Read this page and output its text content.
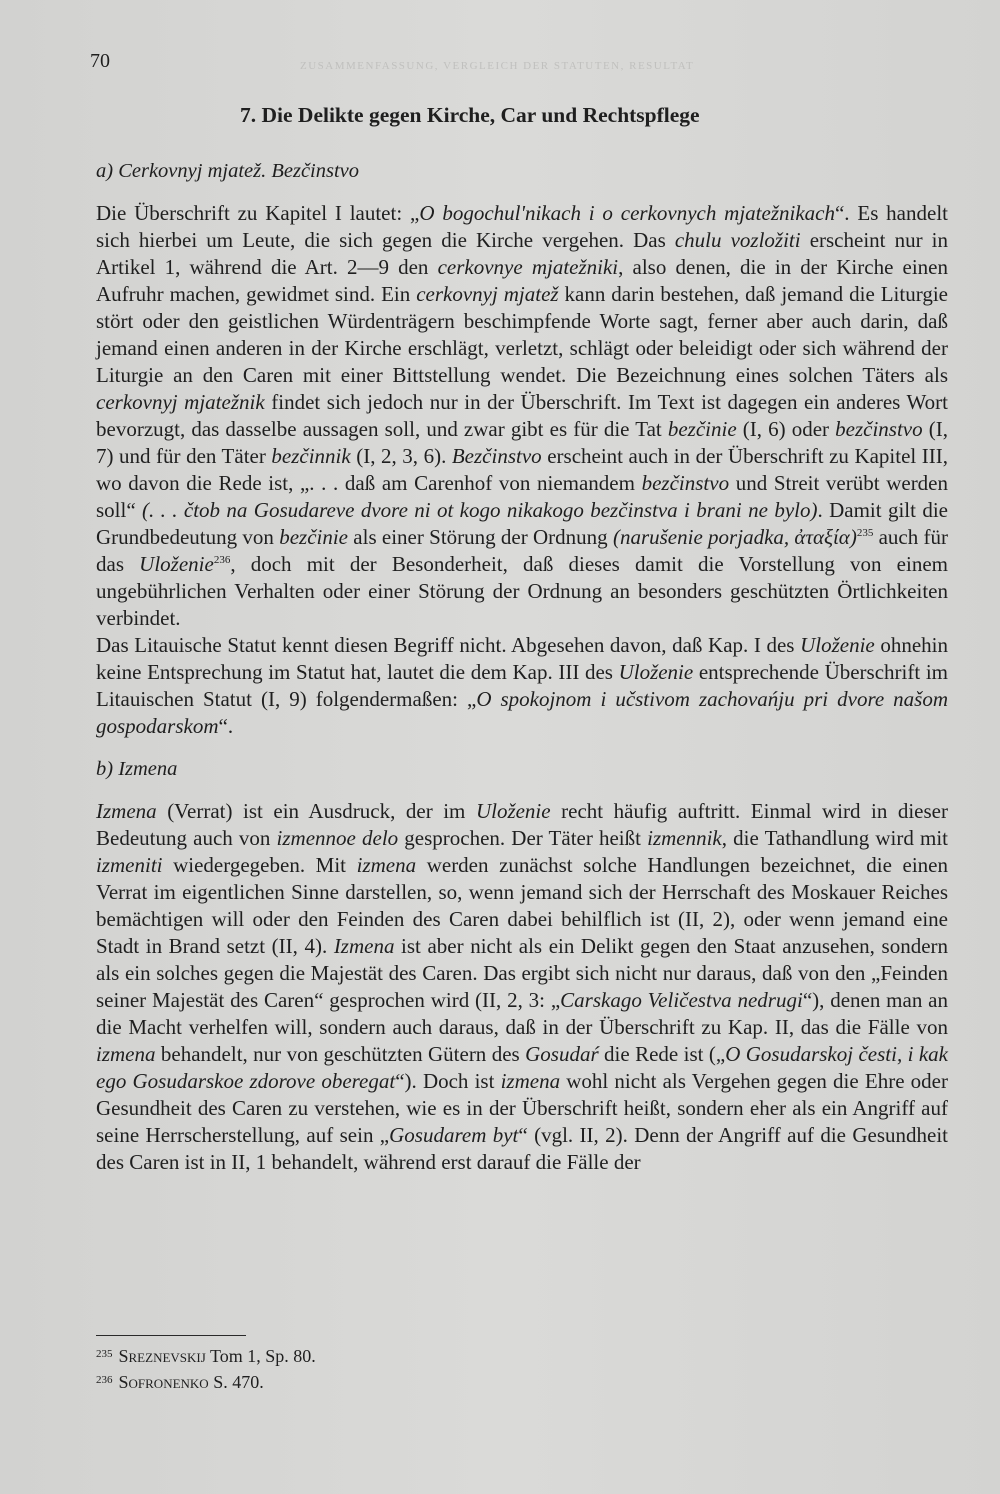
70	ZUSAMMENFASSUNG, VERGLEICH DER STATUTEN, RESULTAT
7. Die Delikte gegen Kirche, Car und Rechtspflege
a) Cerkovnyj mjatež. Bezčinstvo

Die Überschrift zu Kapitel I lautet: „O bogochul'nikach i o cerkovnych mjatežnikach“. Es handelt sich hierbei um Leute, die sich gegen die Kirche vergehen. Das chulu vozložiti erscheint nur in Artikel 1, während die Art. 2—9 den cerkovnye mjatežniki, also denen, die in der Kirche einen Aufruhr machen, gewidmet sind. Ein cerkovnyj mjatež kann darin bestehen, daß jemand die Liturgie stört oder den geistlichen Würdenträgern beschimpfende Worte sagt, ferner aber auch darin, daß jemand einen anderen in der Kirche erschlägt, verletzt, schlägt oder beleidigt oder sich während der Liturgie an den Caren mit einer Bittstellung wendet. Die Bezeichnung eines solchen Täters als cerkovnyj mjatežnik findet sich jedoch nur in der Überschrift. Im Text ist dagegen ein anderes Wort bevorzugt, das dasselbe aussagen soll, und zwar gibt es für die Tat bezčinie (I, 6) oder bezčinstvo (I, 7) und für den Täter bezčinnik (I, 2, 3, 6). Bezčinstvo erscheint auch in der Überschrift zu Kapitel III, wo davon die Rede ist, „. . . daß am Carenhof von niemandem bezčinstvo und Streit verübt werden soll“ (. . . čtob na Gosudareve dvore ni ot kogo nikakogo bezčinstva i brani ne bylo). Damit gilt die Grundbedeutung von bezčinie als einer Störung der Ordnung (narušenie porjadka, ἀταξία)$^{235}$ auch für das Uloženie$^{236}$, doch mit der Besonderheit, daß dieses damit die Vorstellung von einem ungebührlichen Verhalten oder einer Störung der Ordnung an besonders geschützten Örtlichkeiten verbindet.

Das Litauische Statut kennt diesen Begriff nicht. Abgesehen davon, daß Kap. I des Uloženie ohnehin keine Entsprechung im Statut hat, lautet die dem Kap. III des Uloženie entsprechende Überschrift im Litauischen Statut (I, 9) folgendermaßen: „O spokojnom i učstivom zachovańju pri dvore našom gospodarskom“.

b) Izmena

Izmena (Verrat) ist ein Ausdruck, der im Uloženie recht häufig auftritt. Einmal wird in dieser Bedeutung auch von izmennoe delo gesprochen. Der Täter heißt izmennik, die Tathandlung wird mit izmeniti wiedergegeben. Mit izmena werden zunächst solche Handlungen bezeichnet, die einen Verrat im eigentlichen Sinne darstellen, so, wenn jemand sich der Herrschaft des Moskauer Reiches bemächtigen will oder den Feinden des Caren dabei behilflich ist (II, 2), oder wenn jemand eine Stadt in Brand setzt (II, 4). Izmena ist aber nicht als ein Delikt gegen den Staat anzusehen, sondern als ein solches gegen die Majestät des Caren. Das ergibt sich nicht nur daraus, daß von den „Feinden seiner Majestät des Caren“ gesprochen wird (II, 2, 3: „Carskago Veličestva nedrugi“), denen man an die Macht verhelfen will, sondern auch daraus, daß in der Überschrift zu Kap. II, das die Fälle von izmena behandelt, nur von geschützten Gütern des Gosudaŕ die Rede ist („O Gosudarskoj česti, i kak ego Gosudarskoe zdorove oberegat“). Doch ist izmena wohl nicht als Vergehen gegen die Ehre oder Gesundheit des Caren zu verstehen, wie es in der Überschrift heißt, sondern eher als ein Angriff auf seine Herrscherstellung, auf sein „Gosudarem byt“ (vgl. II, 2). Denn der Angriff auf die Gesundheit des Caren ist in II, 1 behandelt, während erst darauf die Fälle der

$^{235}$ Sreznevskij Tom 1, Sp. 80.
$^{236}$ Sofronenko S. 470.
